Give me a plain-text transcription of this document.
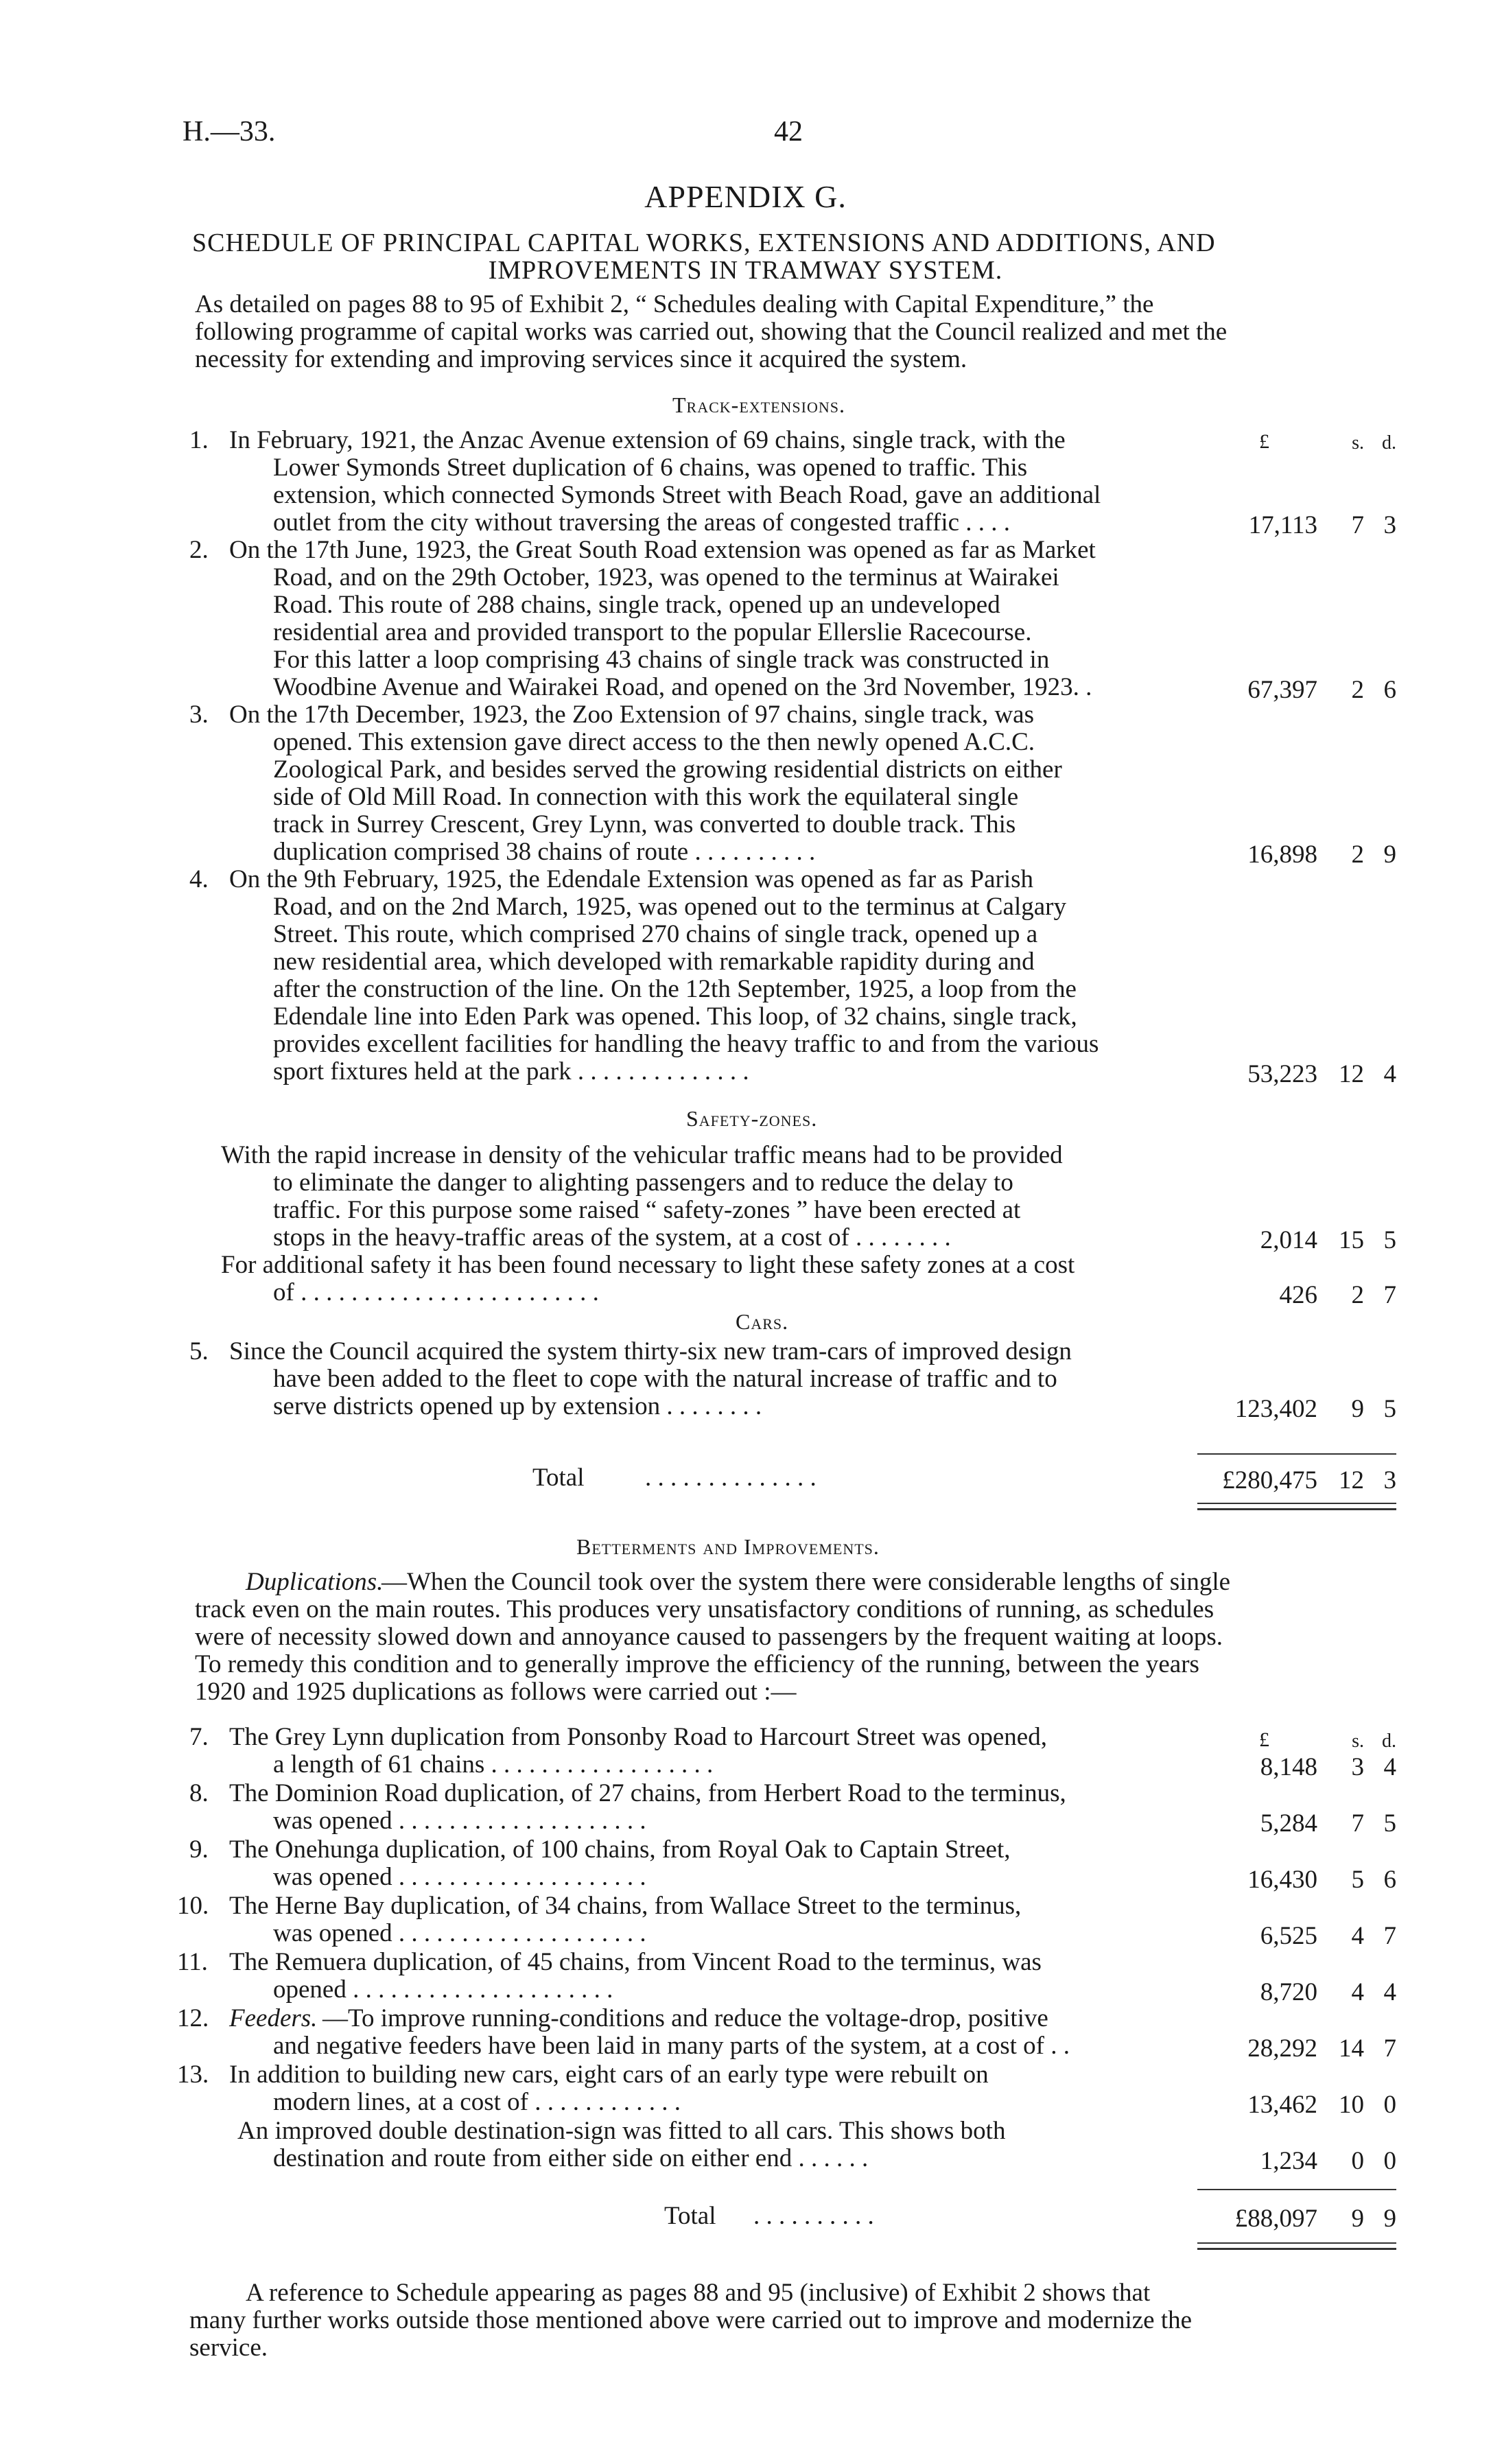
H.—33.	42
APPENDIX G.
SCHEDULE OF PRINCIPAL CAPITAL WORKS, EXTENSIONS AND ADDITIONS, AND
IMPROVEMENTS IN TRAMWAY SYSTEM.
As detailed on pages 88 to 95 of Exhibit 2, “ Schedules dealing with Capital Expenditure,” the
following programme of capital works was carried out, showing that the Council realized and met the
necessity for extending and improving services since it acquired the system.
Track-extensions.
£	s. d.
1. In February, 1921, the Anzac Avenue extension of 69 chains, single track, with the
Lower Symonds Street duplication of 6 chains, was opened to traffic. This
extension, which connected Symonds Street with Beach Road, gave an additional
outlet from the city without traversing the areas of congested traffic . . . .	17,113	7 3
2. On the 17th June, 1923, the Great South Road extension was opened as far as Market
Road, and on the 29th October, 1923, was opened to the terminus at Wairakei
Road. This route of 288 chains, single track, opened up an undeveloped
residential area and provided transport to the popular Ellerslie Racecourse.
For this latter a loop comprising 43 chains of single track was constructed in
Woodbine Avenue and Wairakei Road, and opened on the 3rd November, 1923. .	67,397	2 6
3. On the 17th December, 1923, the Zoo Extension of 97 chains, single track, was
opened. This extension gave direct access to the then newly opened A.C.C.
Zoological Park, and besides served the growing residential districts on either
side of Old Mill Road. In connection with this work the equilateral single
track in Surrey Crescent, Grey Lynn, was converted to double track. This
duplication comprised 38 chains of route . . . . . . . . . .	16,898	2 9
4. On the 9th February, 1925, the Edendale Extension was opened as far as Parish
Road, and on the 2nd March, 1925, was opened out to the terminus at Calgary
Street. This route, which comprised 270 chains of single track, opened up a
new residential area, which developed with remarkable rapidity during and
after the construction of the line. On the 12th September, 1925, a loop from the
Edendale line into Eden Park was opened. This loop, of 32 chains, single track,
provides excellent facilities for handling the heavy traffic to and from the various
sport fixtures held at the park . . . . . . . . . . . . . .	53,223 12 4
Safety-zones.
With the rapid increase in density of the vehicular traffic means had to be provided
to eliminate the danger to alighting passengers and to reduce the delay to
traffic. For this purpose some raised “ safety-zones ” have been erected at
stops in the heavy-traffic areas of the system, at a cost of . . . . . . . .	2,014 15 5
For additional safety it has been found necessary to light these safety zones at a cost
of . . . . . . . . . . . . . . . . . . . . . . . .	426	2 7
Cars.
5. Since the Council acquired the system thirty-six new tram-cars of improved design
have been added to the fleet to cope with the natural increase of traffic and to
serve districts opened up by extension . . . . . . . .	123,402	9 5
Total . . . . . . . . . . . . . .	£280,475 12 3
Betterments and Improvements.
Duplications.
—When the Council took over the system there were considerable lengths of single
track even on the main routes. This produces very unsatisfactory conditions of running, as schedules
were of necessity slowed down and annoyance caused to passengers by the frequent waiting at loops.
To remedy this condition and to generally improve the efficiency of the running, between the years
1920 and 1925 duplications as follows were carried out :—
£	s. d.
7. The Grey Lynn duplication from Ponsonby Road to Harcourt Street was opened,
a length of 61 chains . . . . . . . . . . . . . . . . . .	8,148	3 4
8. The Dominion Road duplication, of 27 chains, from Herbert Road to the terminus,
was opened . . . . . . . . . . . . . . . . . . . .	5,284	7 5
9. The Onehunga duplication, of 100 chains, from Royal Oak to Captain Street,
was opened . . . . . . . . . . . . . . . . . . . .	16,430	5 6
10. The Herne Bay duplication, of 34 chains, from Wallace Street to the terminus,
was opened . . . . . . . . . . . . . . . . . . . .	6,525	4 7
11. The Remuera duplication, of 45 chains, from Vincent Road to the terminus, was
opened . . . . . . . . . . . . . . . . . . . . .	8,720	4 4
12. Feeders. —To improve running-conditions and reduce the voltage-drop, positive
and negative feeders have been laid in many parts of the system, at a cost of . .	28,292 14 7
13. In addition to building new cars, eight cars of an early type were rebuilt on
modern lines, at a cost of . . . . . . . . . . . .	13,462 10 0
An improved double destination-sign was fitted to all cars. This shows both
destination and route from either side on either end . . . . . .	1,234	0 0
Total . . . . . . . . . .	£88,097	9 9
A reference to Schedule appearing as pages 88 and 95 (inclusive) of Exhibit 2 shows that
many further works outside those mentioned above were carried out to improve and modernize the
service.
